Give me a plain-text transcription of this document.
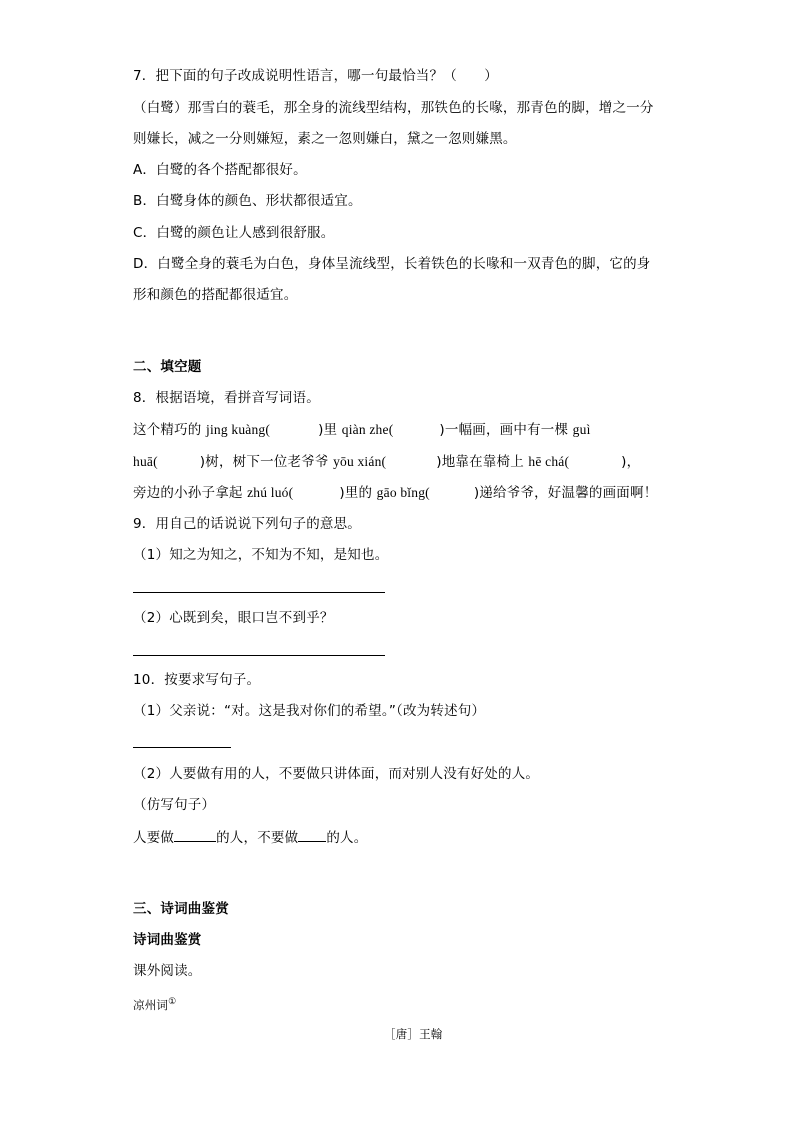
7．把下面的句子改成说明性语言，哪一句最恰当？（　　）
（白鹭）那雪白的蓑毛，那全身的流线型结构，那铁色的长喙，那青色的脚，增之一分
则嫌长，减之一分则嫌短，素之一忽则嫌白，黛之一忽则嫌黑。
A．白鹭的各个搭配都很好。
B．白鹭身体的颜色、形状都很适宜。
C．白鹭的颜色让人感到很舒服。
D．白鹭全身的蓑毛为白色，身体呈流线型，长着铁色的长喙和一双青色的脚，它的身
形和颜色的搭配都很适宜。
二、填空题
8．根据语境，看拼音写词语。
这个精巧的 jing kuàng(	)里 qiàn zhe(	)一幅画，画中有一棵 guì
huā(	)树，树下一位老爷爷 yōu xián(	)地靠在靠椅上 hē chá(	)，
旁边的小孙子拿起 zhú luó(	)里的 gāo bǐng(	)递给爷爷，好温馨的画面啊！
9．用自己的话说说下列句子的意思。
（1）知之为知之，不知为不知，是知也。
（2）心既到矣，眼口岂不到乎？
10．按要求写句子。
（1）父亲说：“对。这是我对你们的希望。”（改为转述句）
（2）人要做有用的人，不要做只讲体面，而对别人没有好处的人。
（仿写句子）
人要做	的人，不要做 的人。
三、诗词曲鉴赏
诗词曲鉴赏
课外阅读。
凉州词①
［唐］王翰
